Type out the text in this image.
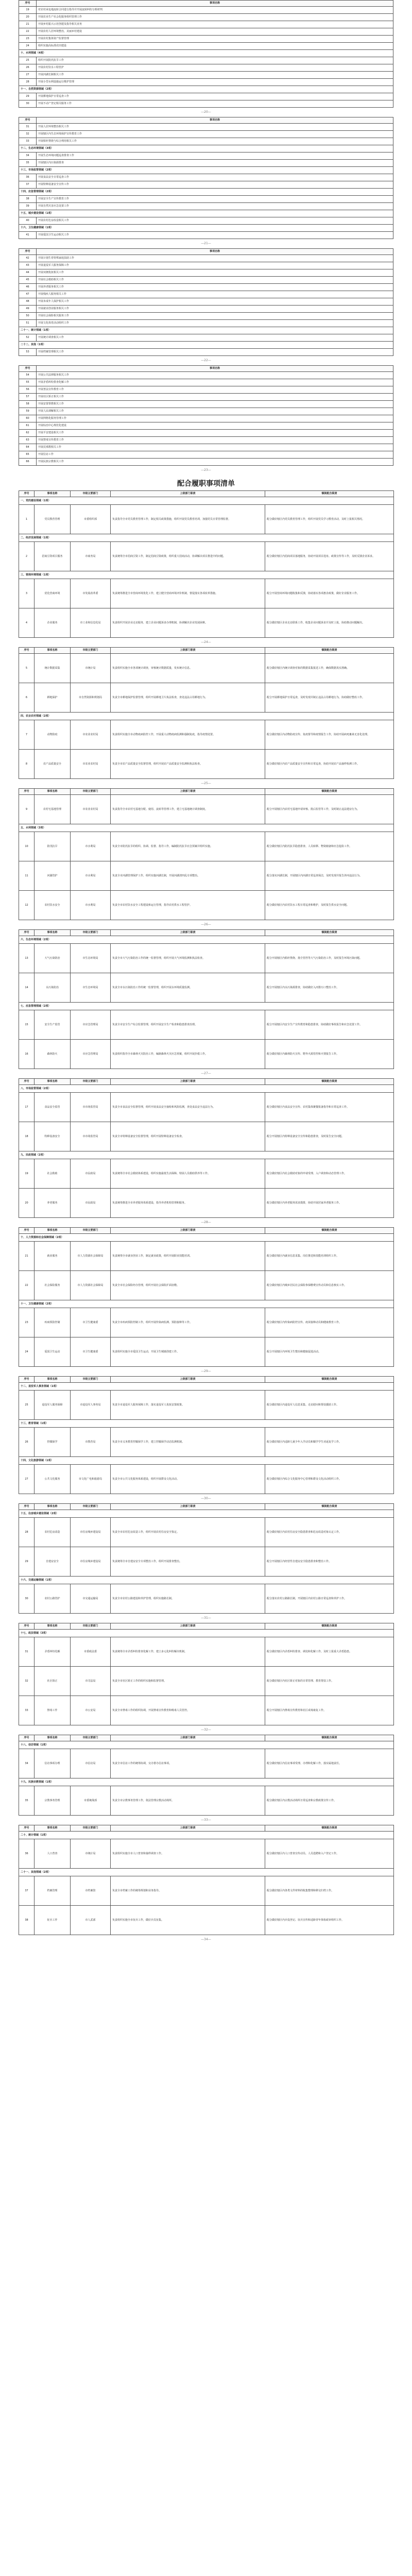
序号	事项名称
19	对农村承包地流转合同进行指导并开展流转纠纷分析研判
20	开展农业生产社会化服务组织管理工作
21	开展乡村振兴示范创建及指导相关业务
22	开展农村人居环境整治，美丽乡村建设
23	开展农村集体资产监督管理
24	组织实施高标准农田建设
十、水利领域（4项）	
25	组织开展防汛抗旱工作
26	开展农村饮水工程管护
27	开展河湖长制相关工作
28	开展小型水利设施运行维护管理
十一、自然资源领域（2项）	
29	开展耕地保护日常巡查工作
30	开展不动产登记相关服务工作
—20—
序号	事项名称
31	开展人居环境整治相关工作
32	开展辖区内生态环境保护宣传教育工作
33	开展秸秆禁烧与综合利用相关工作
十二、生态环境领域（3项）	
34	开展生态环境问题巡查排查工作
35	开展辖区内污染源排查
十三、市场监管领域（2项）	
36	开展食品安全日常巡查工作
37	开展特种设备安全宣传工作
十四、应急管理领域（2项）	
38	开展安全生产宣传教育工作
39	开展自然灾害应急处置工作
十五、城乡建设领域（1项）	
40	开展农村危房改造相关工作
十六、卫生健康领域（1项）	
41	开展爱国卫生运动相关工作
—21—
序号	事项名称
42	开展计划生育特殊家庭扶助工作
43	开展退役军人服务保障工作
44	开展双拥优抚相关工作
45	开展社会救助相关工作
46	开展养老服务相关工作
47	开展残疾人服务相关工作
48	开展未成年人保护相关工作
49	开展就业创业服务相关工作
50	开展社会保险相关服务工作
51	开展文化体育活动组织工作
二十一、统计领域（1项）	
52	开展统计调查相关工作
二十二、其他（1项）	
53	开展档案管理相关工作
—22—
序号	事项名称
54	开展公共法律服务相关工作
55	开展矛盾纠纷排查化解工作
56	开展普法宣传教育工作
57	开展社区矫正相关工作
58	开展安置帮教相关工作
59	开展人民调解相关工作
60	开展网格化服务管理工作
61	开展综治中心规范化建设
62	开展平安建设相关工作
63	开展禁毒宣传教育工作
64	开展反邪教相关工作
65	开展信访工作
66	开展民族宗教相关工作
—23—
配合履职事项清单
序号	事项名称	市级主要部门	上级部门职责	镇街配合职责
一、党的建设领域（1项）				
1	党员教育管理	市委组织部	负责指导全市党员教育管理工作，制定相关政策措施，组织开展党员教育培训，加强党员日常管理监督。	配合做好辖区内党员教育管理工作，组织开展党员学习教育活动，及时上报相关情况。
二、经济发展领域（1项）				
2	招商引资项目服务	市商务局	负责统筹全市招商引资工作，制定招商引资政策，组织重大招商活动，协调解决项目推进中的问题。	配合做好辖区内招商项目落地服务，协助开展项目选址、政策宣传等工作，及时反馈企业诉求。
三、营商环境领域（1项）				
3	优化营商环境	市发展改革委	负责统筹推进全市营商环境优化工作，建立健全营商环境评价机制，督促落实各项改革措施。	配合开展营商环境问题收集和反馈，协助落实各项惠企政策，做好企业服务工作。
4	企业服务	市工业和信息化局	负责组织开展企业走访服务，建立企业问题诉求办理机制，协调解决企业发展困难。	配合做好辖区企业走访联系工作，收集企业问题诉求并及时上报，协助推动问题解决。
—24—
序号	事项名称	市级主要部门	上级部门职责	镇街配合职责
5	统计数据采集	市统计局	负责组织实施全市各项统计调查，审核统计数据质量，发布统计信息。	配合做好辖区内统计调查对象的数据采集报送工作，确保数据真实准确。
6	耕地保护	市自然资源和规划局	负责全市耕地保护监督管理，组织开展耕地卫片执法检查，查处违法占用耕地行为。	配合开展耕地保护日常巡查，及时发现并制止违法占用耕地行为，协助做好整改工作。
四、农业农村领域（2项）				
7	动物防疫	市农业农村局	负责组织实施全市动物疫病防控工作，开展重大动物疫病监测和强制免疫，指导疫情处置。	配合做好辖区内动物防疫宣传、免疫督导和疫情报告工作，协助开展病死畜禽无害化处理。
8	农产品质量安全	市农业农村局	负责全市农产品质量安全监督管理，组织开展农产品质量安全监测和执法检查。	配合做好辖区内农产品质量安全宣传和日常巡查，协助开展农产品抽样检测工作。
—25—
序号	事项名称	市级主要部门	上级部门职责	镇街配合职责
9	农村宅基地管理	市农业农村局	负责指导全市农村宅基地分配、使用、流转等管理工作，建立宅基地统计调查制度。	配合开展辖区内农村宅基地申请审核、批后监管等工作，及时制止违法建房行为。
五、水利领域（3项）				
10	防汛抗旱	市水利局	负责全市防汛抗旱的组织、协调、监督、指导工作，编制防汛抗旱应急预案并组织实施。	配合做好辖区内防汛抗旱隐患排查、人员转移、物资储备和应急抢险工作。
11	河湖管护	市水利局	负责全市河湖管理保护工作，组织实施河湖长制，开展河湖清四乱专项整治。	配合落实河湖长制，开展辖区内河湖日常巡查保洁，及时发现并报告涉河违法行为。
12	农村饮水安全	市水利局	负责全市农村饮水安全工程建设和运行管理，指导农村供水工程管护。	配合做好辖区内农村饮水工程日常巡查和维护，及时报告供水安全问题。
—26—
序号	事项名称	市级主要部门	上级部门职责	镇街配合职责
六、生态环境领域（2项）				
13	大气污染防治	市生态环境局	负责全市大气污染防治工作的统一监督管理，组织开展大气环境监测和执法检查。	配合开展辖区内秸秆禁烧、扬尘管控等大气污染防治工作，及时报告环境污染问题。
14	水污染防治	市生态环境局	负责全市水污染防治工作的统一监督管理，组织开展水环境质量监测。	配合开展辖区内水污染源排查，协助做好入河排污口整治工作。
七、应急管理领域（2项）				
15	安全生产监管	市应急管理局	负责全市安全生产综合监督管理，组织开展安全生产检查和隐患排查治理。	配合开展辖区内安全生产宣传教育和隐患排查，协助做好事故报告和应急处置工作。
16	森林防火	市应急管理局	负责组织指导全市森林火灾防治工作，编制森林火灾应急预案，组织开展扑救工作。	配合做好辖区内森林防火宣传、野外火源管控和火情报告工作。
—27—
序号	事项名称	市级主要部门	上级部门职责	镇街配合职责
八、市场监管领域（2项）				
17	食品安全监管	市市场监管局	负责全市食品安全监督管理，组织开展食品安全抽检和风险监测，查处食品安全违法行为。	配合做好辖区内食品安全宣传、农村集体聚餐报备指导和日常巡查工作。
18	特种设备安全	市市场监管局	负责全市特种设备安全监督管理，组织开展特种设备安全检查。	配合开展辖区内特种设备安全宣传和隐患排查，及时报告安全问题。
九、民政领域（2项）				
19	社会救助	市民政局	负责统筹全市社会救助体系建设，组织实施最低生活保障、特困人员救助供养等工作。	配合做好辖区内社会救助对象的申请受理、入户调查和动态管理工作。
20	养老服务	市民政局	负责统筹推进全市养老服务体系建设，指导养老机构管理和服务。	配合做好辖区内养老服务需求摸排，协助开展居家养老服务工作。
—28—
序号	事项名称	市级主要部门	上级部门职责	镇街配合职责
十、人力资源和社会保障领域（2项）				
21	就业服务	市人力资源社会保障局	负责统筹全市就业创业工作，制定就业政策，组织开展职业技能培训。	配合做好辖区内就业信息采集、岗位推送和技能培训组织工作。
22	社会保险服务	市人力资源社会保障局	负责全市社会保险经办管理，组织开展社会保险扩面征缴。	配合做好辖区内城乡居民社会保险参保缴费宣传动员和信息核实工作。
十一、卫生健康领域（2项）				
23	疾病预防控制	市卫生健康委	负责全市疾病预防控制工作，组织开展传染病监测、预防接种等工作。	配合做好辖区内传染病防控宣传、疫苗接种动员和健康教育工作。
24	爱国卫生运动	市卫生健康委	负责组织实施全市爱国卫生运动，开展卫生城镇创建工作。	配合开展辖区内环境卫生整治和健康促进活动。
—29—
序号	事项名称	市级主要部门	上级部门职责	镇街配合职责
十二、退役军人事务领域（1项）				
25	退役军人服务保障	市退役军人事务局	负责全市退役军人服务保障工作，落实退役军人优抚安置政策。	配合做好辖区内退役军人信息采集、走访慰问和帮扶援助工作。
十三、教育领域（1项）				
26	控辍保学	市教育局	负责全市义务教育控辍保学工作，建立控辍保学动态监测机制。	配合做好辖区内适龄儿童少年入学动员和辍学学生劝返复学工作。
十四、文化旅游领域（1项）				
27	公共文化服务	市文化广电和旅游局	负责全市公共文化服务体系建设，组织开展群众文化活动。	配合做好辖区内综合文化服务中心管理和群众文化活动组织工作。
—30—
序号	事项名称	市级主要部门	上级部门职责	镇街配合职责
十五、住房城乡建设领域（2项）				
28	农村危房改造	市住房城乡建设局	负责全市农村危房改造工作，组织开展农村住房安全鉴定。	配合做好辖区内农村住房安全隐患排查和危房改造对象认定工作。
29	自建房安全	市住房城乡建设局	负责统筹全市自建房安全专项整治工作，组织开展排查整治。	配合开展辖区内经营性自建房安全隐患排查和整治工作。
十六、交通运输领域（1项）				
30	农村公路管护	市交通运输局	负责全市农村公路建设和养护管理，组织实施路长制。	配合落实农村公路路长制，开展辖区内农村公路日常巡查和养护工作。
—31—
序号	事项名称	市级主要部门	上级部门职责	镇街配合职责
十七、政法领域（3项）				
31	矛盾纠纷化解	市委政法委	负责统筹全市矛盾纠纷排查化解工作，建立多元化纠纷解决机制。	配合做好辖区内矛盾纠纷排查、调处和化解工作，及时上报重大矛盾隐患。
32	社区矫正	市司法局	负责全市社区矫正工作的组织实施和监督管理。	配合做好辖区内社区矫正对象的日常管理、教育帮扶工作。
33	禁毒工作	市公安局	负责全市禁毒工作的组织协调，开展禁毒宣传教育和吸毒人员管控。	配合开展辖区内禁毒宣传教育和社区戒毒康复工作。
—32—
序号	事项名称	市级主要部门	上级部门职责	镇街配合职责
十八、信访领域（1项）				
34	信访事项办理	市信访局	负责全市信访工作的统筹协调，交办督办信访事项。	配合做好辖区内信访事项受理、办理和化解工作，落实属地责任。
十九、民族宗教领域（1项）				
35	宗教事务管理	市委统战部	负责全市宗教事务管理工作，依法管理宗教活动场所。	配合做好辖区内宗教活动场所日常巡查和宗教政策宣传工作。
—33—
序号	事项名称	市级主要部门	上级部门职责	镇街配合职责
二十、统计领域（1项）				
36	人口普查	市统计局	负责组织实施全市人口普查和抽样调查工作。	配合做好辖区内人口普查宣传动员、人员选聘和入户登记工作。
二十一、其他领域（2项）				
37	档案管理	市档案馆	负责全市档案工作的统筹规划和业务指导。	配合做好辖区内各类文件材料的收集整理和移交归档工作。
38	征兵工作	市人武部	负责组织实施全市征兵工作，做好兵员征集。	配合做好辖区内兵役登记、征兵宣传和适龄青年体检政审组织工作。
—34—
